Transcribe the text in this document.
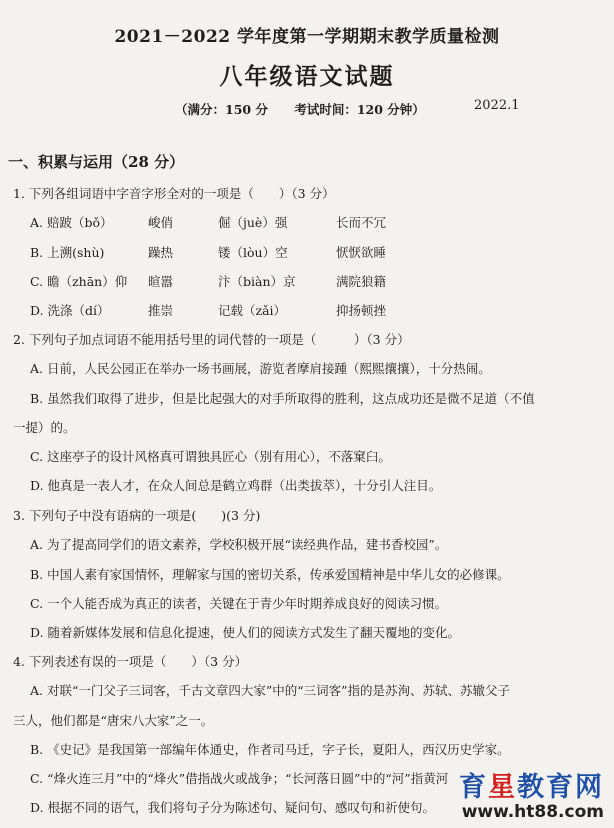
2021－2022 学年度第一学期期末教学质量检测
八年级语文试题
（满分：150 分 考试时间：120 分钟）	2022.1
一、积累与运用（28 分）
1. 下列各组词语中字音字形全对的一项是（　　）（3 分）
A. 赔跛（bǒ）	峻俏	倔（juè）强	长而不冗
B. 上溯(shù)	躁热	镂（lòu）空	恹恹欲睡
C. 瞻（zhān）仰 暄嚣	汴（biàn）京	满院狼籍
D. 洗涤（dí）	推崇	记载（zǎi）	抑扬顿挫
2. 下列句子加点词语不能用括号里的词代替的一项是（　　　）（3 分）
A. 日前，人民公园正在举办一场书画展，游览者摩肩接踵（熙熙攘攘），十分热闹。
B. 虽然我们取得了进步，但是比起强大的对手所取得的胜利，这点成功还是微不足道（不值
一提）的。
C. 这座亭子的设计风格真可谓独具匠心（别有用心），不落窠臼。
D. 他真是一表人才，在众人间总是鹤立鸡群（出类拔萃），十分引人注目。
3. 下列句子中没有语病的一项是(　　)(3 分)
A. 为了提高同学们的语文素养，学校积极开展“读经典作品，建书香校园”。
B. 中国人素有家国情怀，理解家与国的密切关系，传承爱国精神是中华儿女的必修课。
C. 一个人能否成为真正的读者，关键在于青少年时期养成良好的阅读习惯。
D. 随着新媒体发展和信息化提速，使人们的阅读方式发生了翻天覆地的变化。
4. 下列表述有误的一项是（　　）（3 分）
A. 对联“一门父子三词客，千古文章四大家”中的“三词客”指的是苏洵、苏轼、苏辙父子
三人，他们都是“唐宋八大家”之一。
B. 《史记》是我国第一部编年体通史，作者司马迁，字子长，夏阳人，西汉历史学家。
C. “烽火连三月”中的“烽火”借指战火或战争；“长河落日圆”中的“河”指黄河
D. 根据不同的语气，我们将句子分为陈述句、疑问句、感叹句和祈使句。
育星教育网
www.ht88.com
